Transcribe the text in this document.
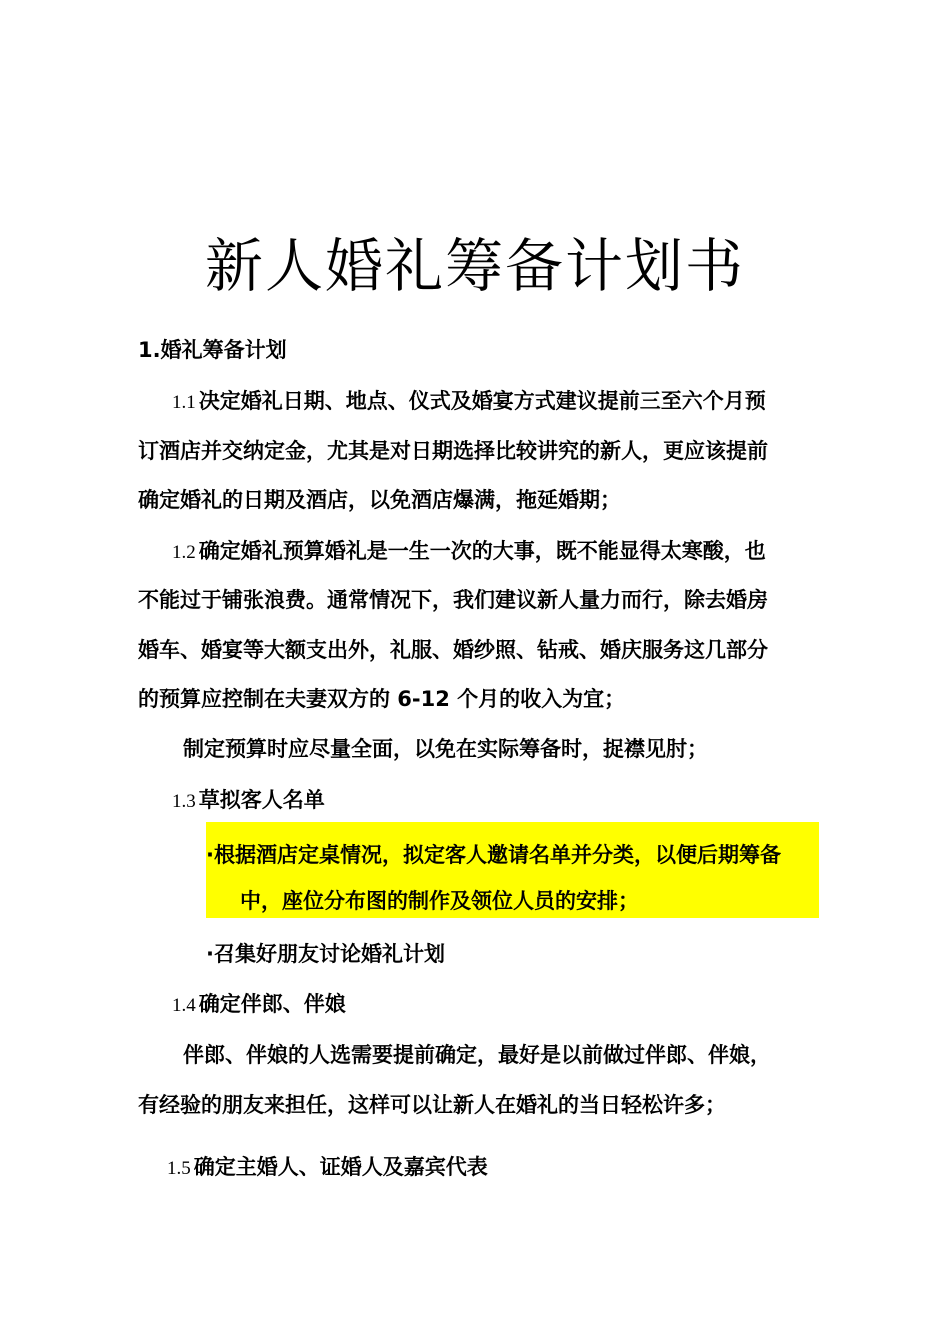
新人婚礼筹备计划书
1.婚礼筹备计划
1.1 决定婚礼日期、地点、仪式及婚宴方式建议提前三至六个月预
订酒店并交纳定金，尤其是对日期选择比较讲究的新人，更应该提前
确定婚礼的日期及酒店，以免酒店爆满，拖延婚期；
1.2 确定婚礼预算婚礼是一生一次的大事，既不能显得太寒酸，也
不能过于铺张浪费。通常情况下，我们建议新人量力而行，除去婚房
婚车、婚宴等大额支出外，礼服、婚纱照、钻戒、婚庆服务这几部分
的预算应控制在夫妻双方的 6-12 个月的收入为宜；
制定预算时应尽量全面，以免在实际筹备时，捉襟见肘；
1.3 草拟客人名单
·根据酒店定桌情况，拟定客人邀请名单并分类，以便后期筹备
中，座位分布图的制作及领位人员的安排；
·召集好朋友讨论婚礼计划
1.4 确定伴郎、伴娘
伴郎、伴娘的人选需要提前确定，最好是以前做过伴郎、伴娘，
有经验的朋友来担任，这样可以让新人在婚礼的当日轻松许多；
1.5 确定主婚人、证婚人及嘉宾代表
